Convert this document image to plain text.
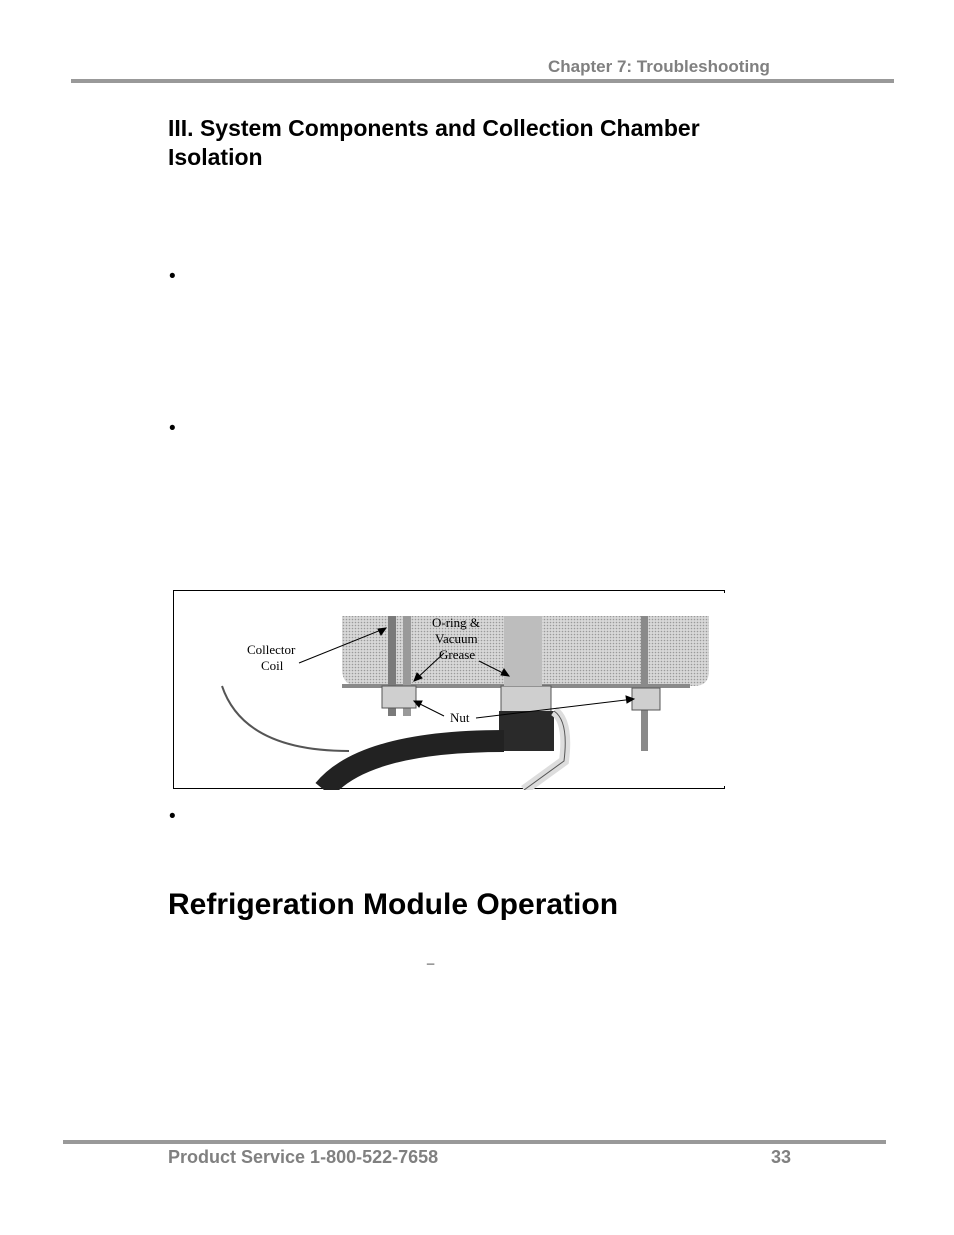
Chapter 7: Troubleshooting
III. System Components and Collection Chamber Isolation
•
•
Collector
Coil
O-ring &
Vacuum
Grease
Nut
•
Refrigeration Module Operation
_
Product Service 1-800-522-7658	33
